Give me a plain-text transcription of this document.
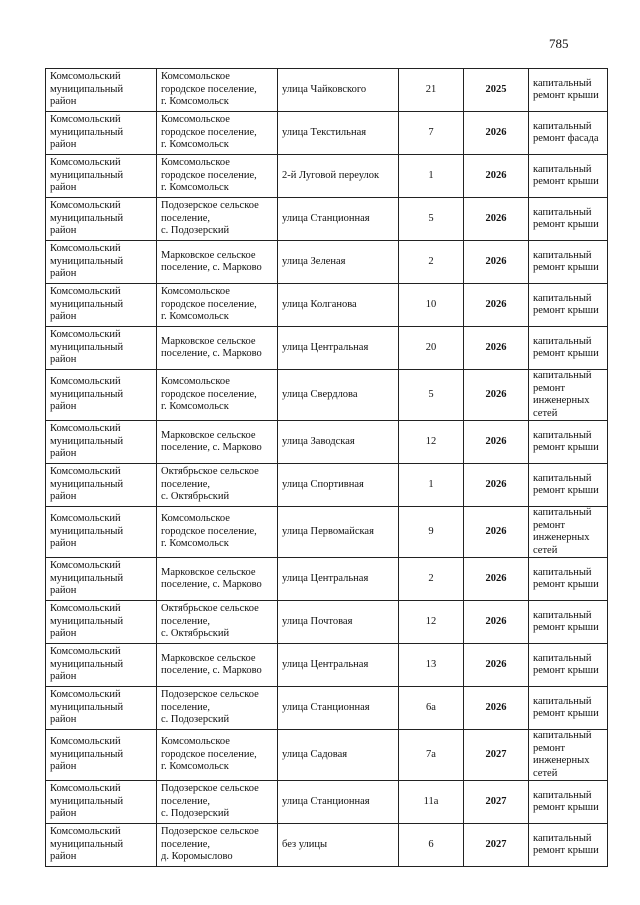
785
Комсомольский
муниципальный
район	Комсомольское
городское поселение,
г. Комсомольск	улица Чайковского	21	2025	капитальный
ремонт крыши
Комсомольский
муниципальный
район	Комсомольское
городское поселение,
г. Комсомольск	улица Текстильная	7	2026	капитальный
ремонт фасада
Комсомольский
муниципальный
район	Комсомольское
городское поселение,
г. Комсомольск	2-й Луговой переулок	1	2026	капитальный
ремонт крыши
Комсомольский
муниципальный
район	Подозерское сельское
поселение,
с. Подозерский	улица Станционная	5	2026	капитальный
ремонт крыши
Комсомольский
муниципальный
район	Марковское сельское
поселение, с. Марково	улица Зеленая	2	2026	капитальный
ремонт крыши
Комсомольский
муниципальный
район	Комсомольское
городское поселение,
г. Комсомольск	улица Колганова	10	2026	капитальный
ремонт крыши
Комсомольский
муниципальный
район	Марковское сельское
поселение, с. Марково	улица Центральная	20	2026	капитальный
ремонт крыши
Комсомольский
муниципальный
район	Комсомольское
городское поселение,
г. Комсомольск	улица Свердлова	5	2026	капитальный
ремонт
инженерных
сетей
Комсомольский
муниципальный
район	Марковское сельское
поселение, с. Марково	улица Заводская	12	2026	капитальный
ремонт крыши
Комсомольский
муниципальный
район	Октябрьское сельское
поселение,
с. Октябрьский	улица Спортивная	1	2026	капитальный
ремонт крыши
Комсомольский
муниципальный
район	Комсомольское
городское поселение,
г. Комсомольск	улица Первомайская	9	2026	капитальный
ремонт
инженерных
сетей
Комсомольский
муниципальный
район	Марковское сельское
поселение, с. Марково	улица Центральная	2	2026	капитальный
ремонт крыши
Комсомольский
муниципальный
район	Октябрьское сельское
поселение,
с. Октябрьский	улица Почтовая	12	2026	капитальный
ремонт крыши
Комсомольский
муниципальный
район	Марковское сельское
поселение, с. Марково	улица Центральная	13	2026	капитальный
ремонт крыши
Комсомольский
муниципальный
район	Подозерское сельское
поселение,
с. Подозерский	улица Станционная	6а	2026	капитальный
ремонт крыши
Комсомольский
муниципальный
район	Комсомольское
городское поселение,
г. Комсомольск	улица Садовая	7а	2027	капитальный
ремонт
инженерных
сетей
Комсомольский
муниципальный
район	Подозерское сельское
поселение,
с. Подозерский	улица Станционная	11а	2027	капитальный
ремонт крыши
Комсомольский
муниципальный
район	Подозерское сельское
поселение,
д. Коромыслово	без улицы	6	2027	капитальный
ремонт крыши
